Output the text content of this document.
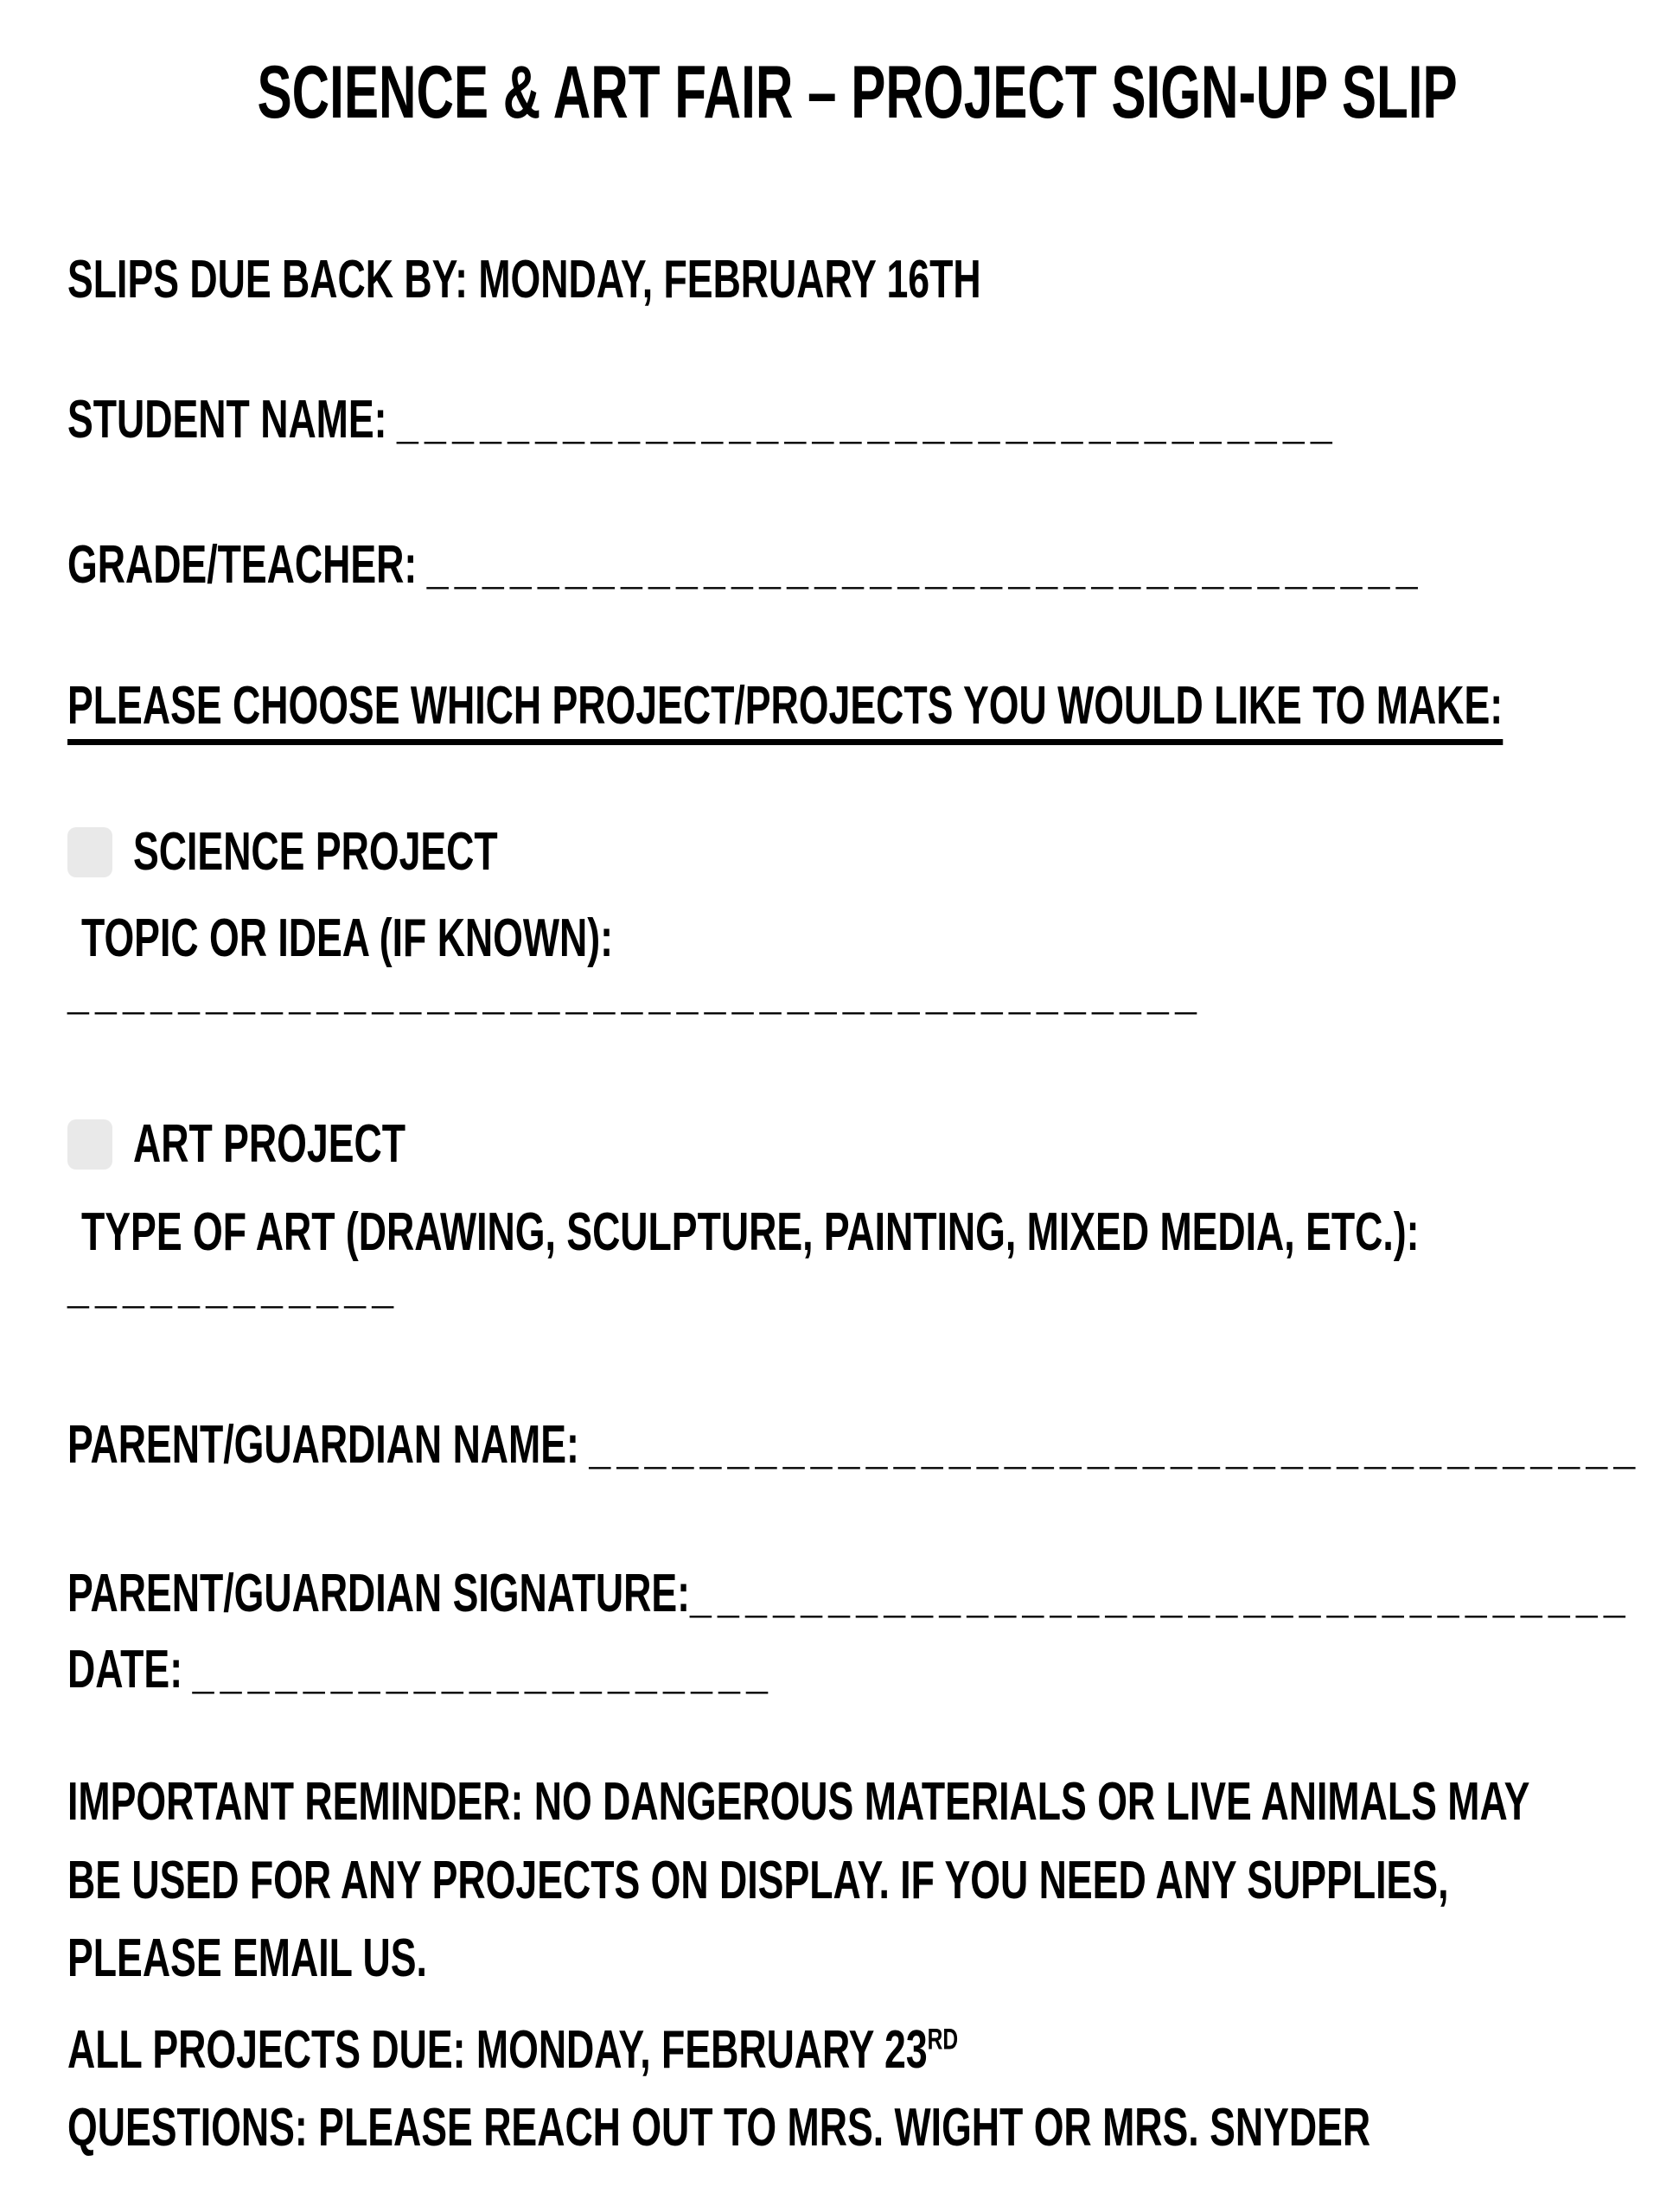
SCIENCE & ART FAIR – PROJECT SIGN-UP SLIP
SLIPS DUE BACK BY: MONDAY, FEBRUARY 16TH
STUDENT NAME: __________________________________
GRADE/TEACHER: ____________________________________
PLEASE CHOOSE WHICH PROJECT/PROJECTS YOU WOULD LIKE TO MAKE:
SCIENCE PROJECT
TOPIC OR IDEA (IF KNOWN):
_________________________________________
ART PROJECT
TYPE OF ART (DRAWING, SCULPTURE, PAINTING, MIXED MEDIA, ETC.):
____________
PARENT/GUARDIAN NAME: ______________________________________
PARENT/GUARDIAN SIGNATURE:__________________________________
DATE: _____________________
IMPORTANT REMINDER: NO DANGEROUS MATERIALS OR LIVE ANIMALS MAY BE USED FOR ANY PROJECTS ON DISPLAY. IF YOU NEED ANY SUPPLIES, PLEASE EMAIL US.
ALL PROJECTS DUE: MONDAY, FEBRUARY 23RD
QUESTIONS: PLEASE REACH OUT TO MRS. WIGHT OR MRS. SNYDER
